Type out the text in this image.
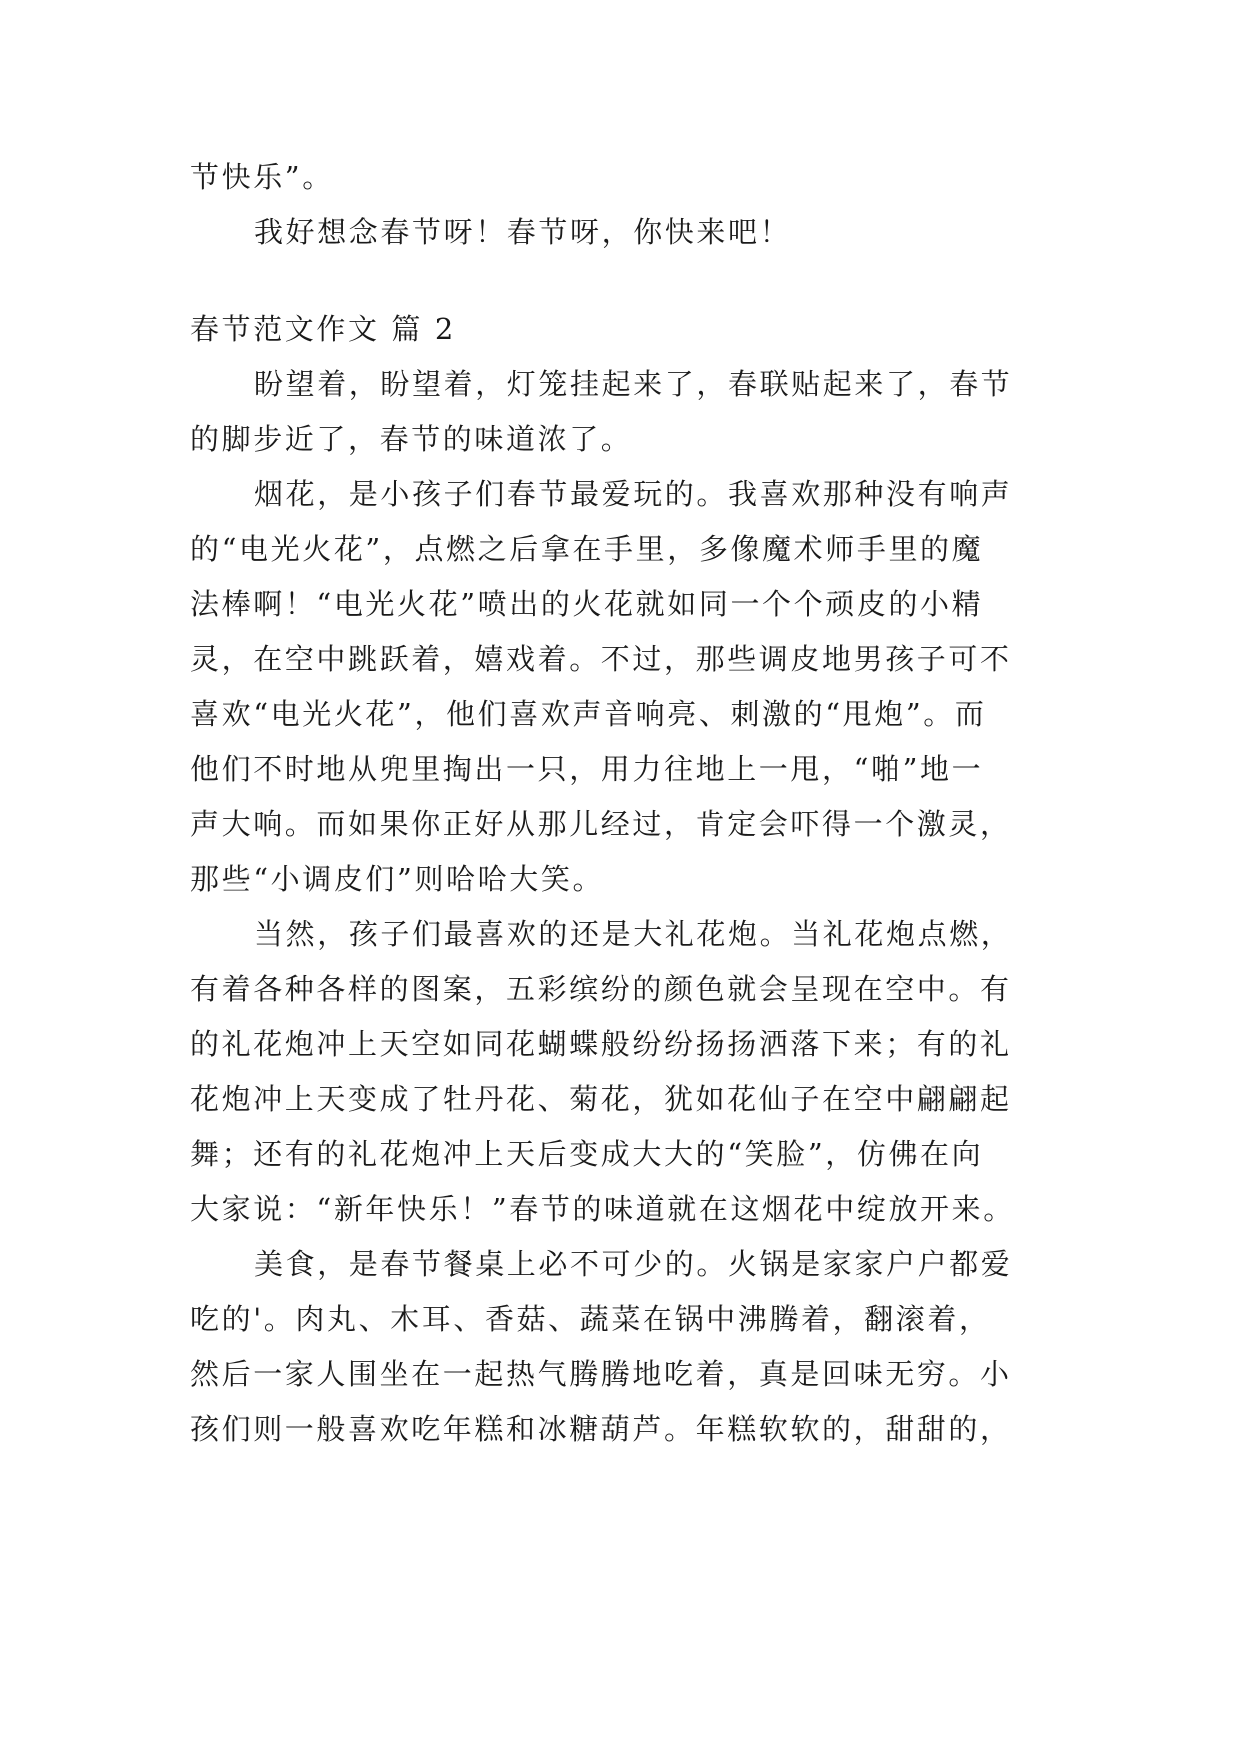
节快乐”。
我好想念春节呀！春节呀，你快来吧！
春节范文作文 篇 2
盼望着，盼望着，灯笼挂起来了，春联贴起来了，春节
的脚步近了，春节的味道浓了。
烟花，是小孩子们春节最爱玩的。我喜欢那种没有响声
的“电光火花”，点燃之后拿在手里，多像魔术师手里的魔
法棒啊！“电光火花”喷出的火花就如同一个个顽皮的小精
灵，在空中跳跃着，嬉戏着。不过，那些调皮地男孩子可不
喜欢“电光火花”，他们喜欢声音响亮、刺激的“甩炮”。而
他们不时地从兜里掏出一只，用力往地上一甩，“啪”地一
声大响。而如果你正好从那儿经过，肯定会吓得一个激灵，
那些“小调皮们”则哈哈大笑。
当然，孩子们最喜欢的还是大礼花炮。当礼花炮点燃，
有着各种各样的图案，五彩缤纷的颜色就会呈现在空中。有
的礼花炮冲上天空如同花蝴蝶般纷纷扬扬洒落下来；有的礼
花炮冲上天变成了牡丹花、菊花，犹如花仙子在空中翩翩起
舞；还有的礼花炮冲上天后变成大大的“笑脸”，仿佛在向
大家说：“新年快乐！”春节的味道就在这烟花中绽放开来。
美食，是春节餐桌上必不可少的。火锅是家家户户都爱
吃的'。肉丸、木耳、香菇、蔬菜在锅中沸腾着，翻滚着，
然后一家人围坐在一起热气腾腾地吃着，真是回味无穷。小
孩们则一般喜欢吃年糕和冰糖葫芦。年糕软软的，甜甜的，
